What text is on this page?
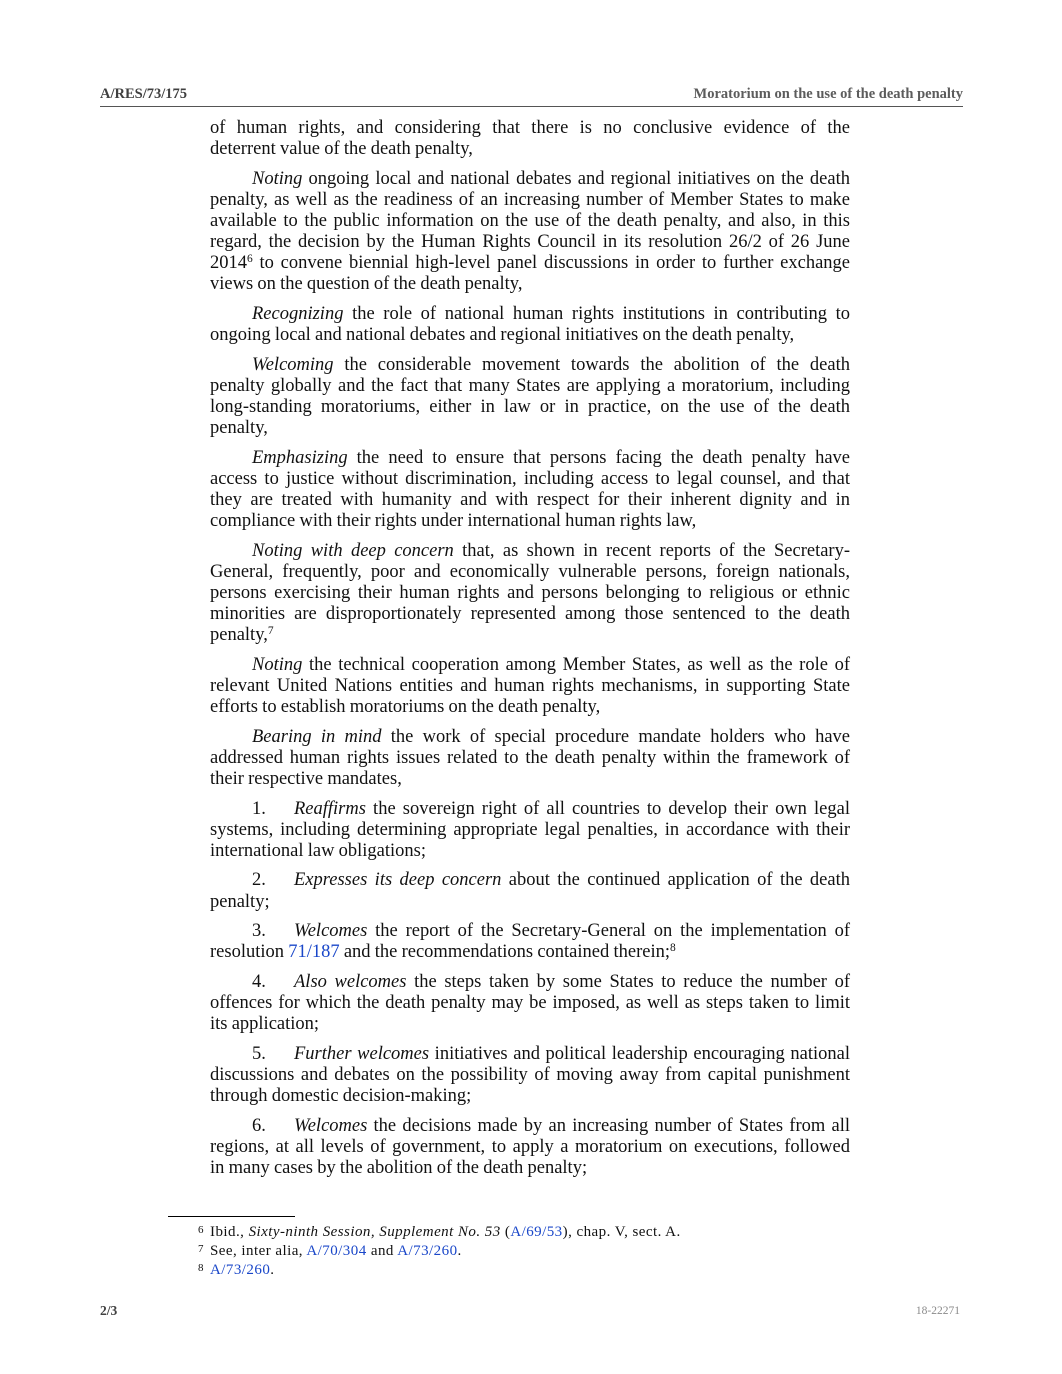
A/RES/73/175	Moratorium on the use of the death penalty
of human rights, and considering that there is no conclusive evidence of the
deterrent value of the death penalty,
Noting ongoing local and national debates and regional initiatives on the death
penalty, as well as the readiness of an increasing number of Member States to make
available to the public information on the use of the death penalty, and also, in this
regard, the decision by the Human Rights Council in its resolution 26/2 of 26 June
2014$^6$ to convene biennial high-level panel discussions in order to further exchange
views on the question of the death penalty,
Recognizing the role of national human rights institutions in contributing to
ongoing local and national debates and regional initiatives on the death penalty,
Welcoming the considerable movement towards the abolition of the death
penalty globally and the fact that many States are applying a moratorium, including
long-standing moratoriums, either in law or in practice, on the use of the death
penalty,
Emphasizing the need to ensure that persons facing the death penalty have
access to justice without discrimination, including access to legal counsel, and that
they are treated with humanity and with respect for their inherent dignity and in
compliance with their rights under international human rights law,
Noting with deep concern that, as shown in recent reports of the Secretary-
General, frequently, poor and economically vulnerable persons, foreign nationals,
persons exercising their human rights and persons belonging to religious or ethnic
minorities are disproportionately represented among those sentenced to the death
penalty,$^7$
Noting the technical cooperation among Member States, as well as the role of
relevant United Nations entities and human rights mechanisms, in supporting State
efforts to establish moratoriums on the death penalty,
Bearing in mind the work of special procedure mandate holders who have
addressed human rights issues related to the death penalty within the framework of
their respective mandates,
1. Reaffirms the sovereign right of all countries to develop their own legal
systems, including determining appropriate legal penalties, in accordance with their
international law obligations;
2. Expresses its deep concern about the continued application of the death
penalty;
3. Welcomes the report of the Secretary-General on the implementation of
resolution 71/187 and the recommendations contained therein;$^8$
4. Also welcomes the steps taken by some States to reduce the number of
offences for which the death penalty may be imposed, as well as steps taken to limit
its application;
5. Further welcomes initiatives and political leadership encouraging national
discussions and debates on the possibility of moving away from capital punishment
through domestic decision-making;
6. Welcomes the decisions made by an increasing number of States from all
regions, at all levels of government, to apply a moratorium on executions, followed
in many cases by the abolition of the death penalty;
6 Ibid., Sixty-ninth Session, Supplement No. 53 (A/69/53), chap. V, sect. A.
7 See, inter alia, A/70/304 and A/73/260.
8 A/73/260.
2/3	18-22271
